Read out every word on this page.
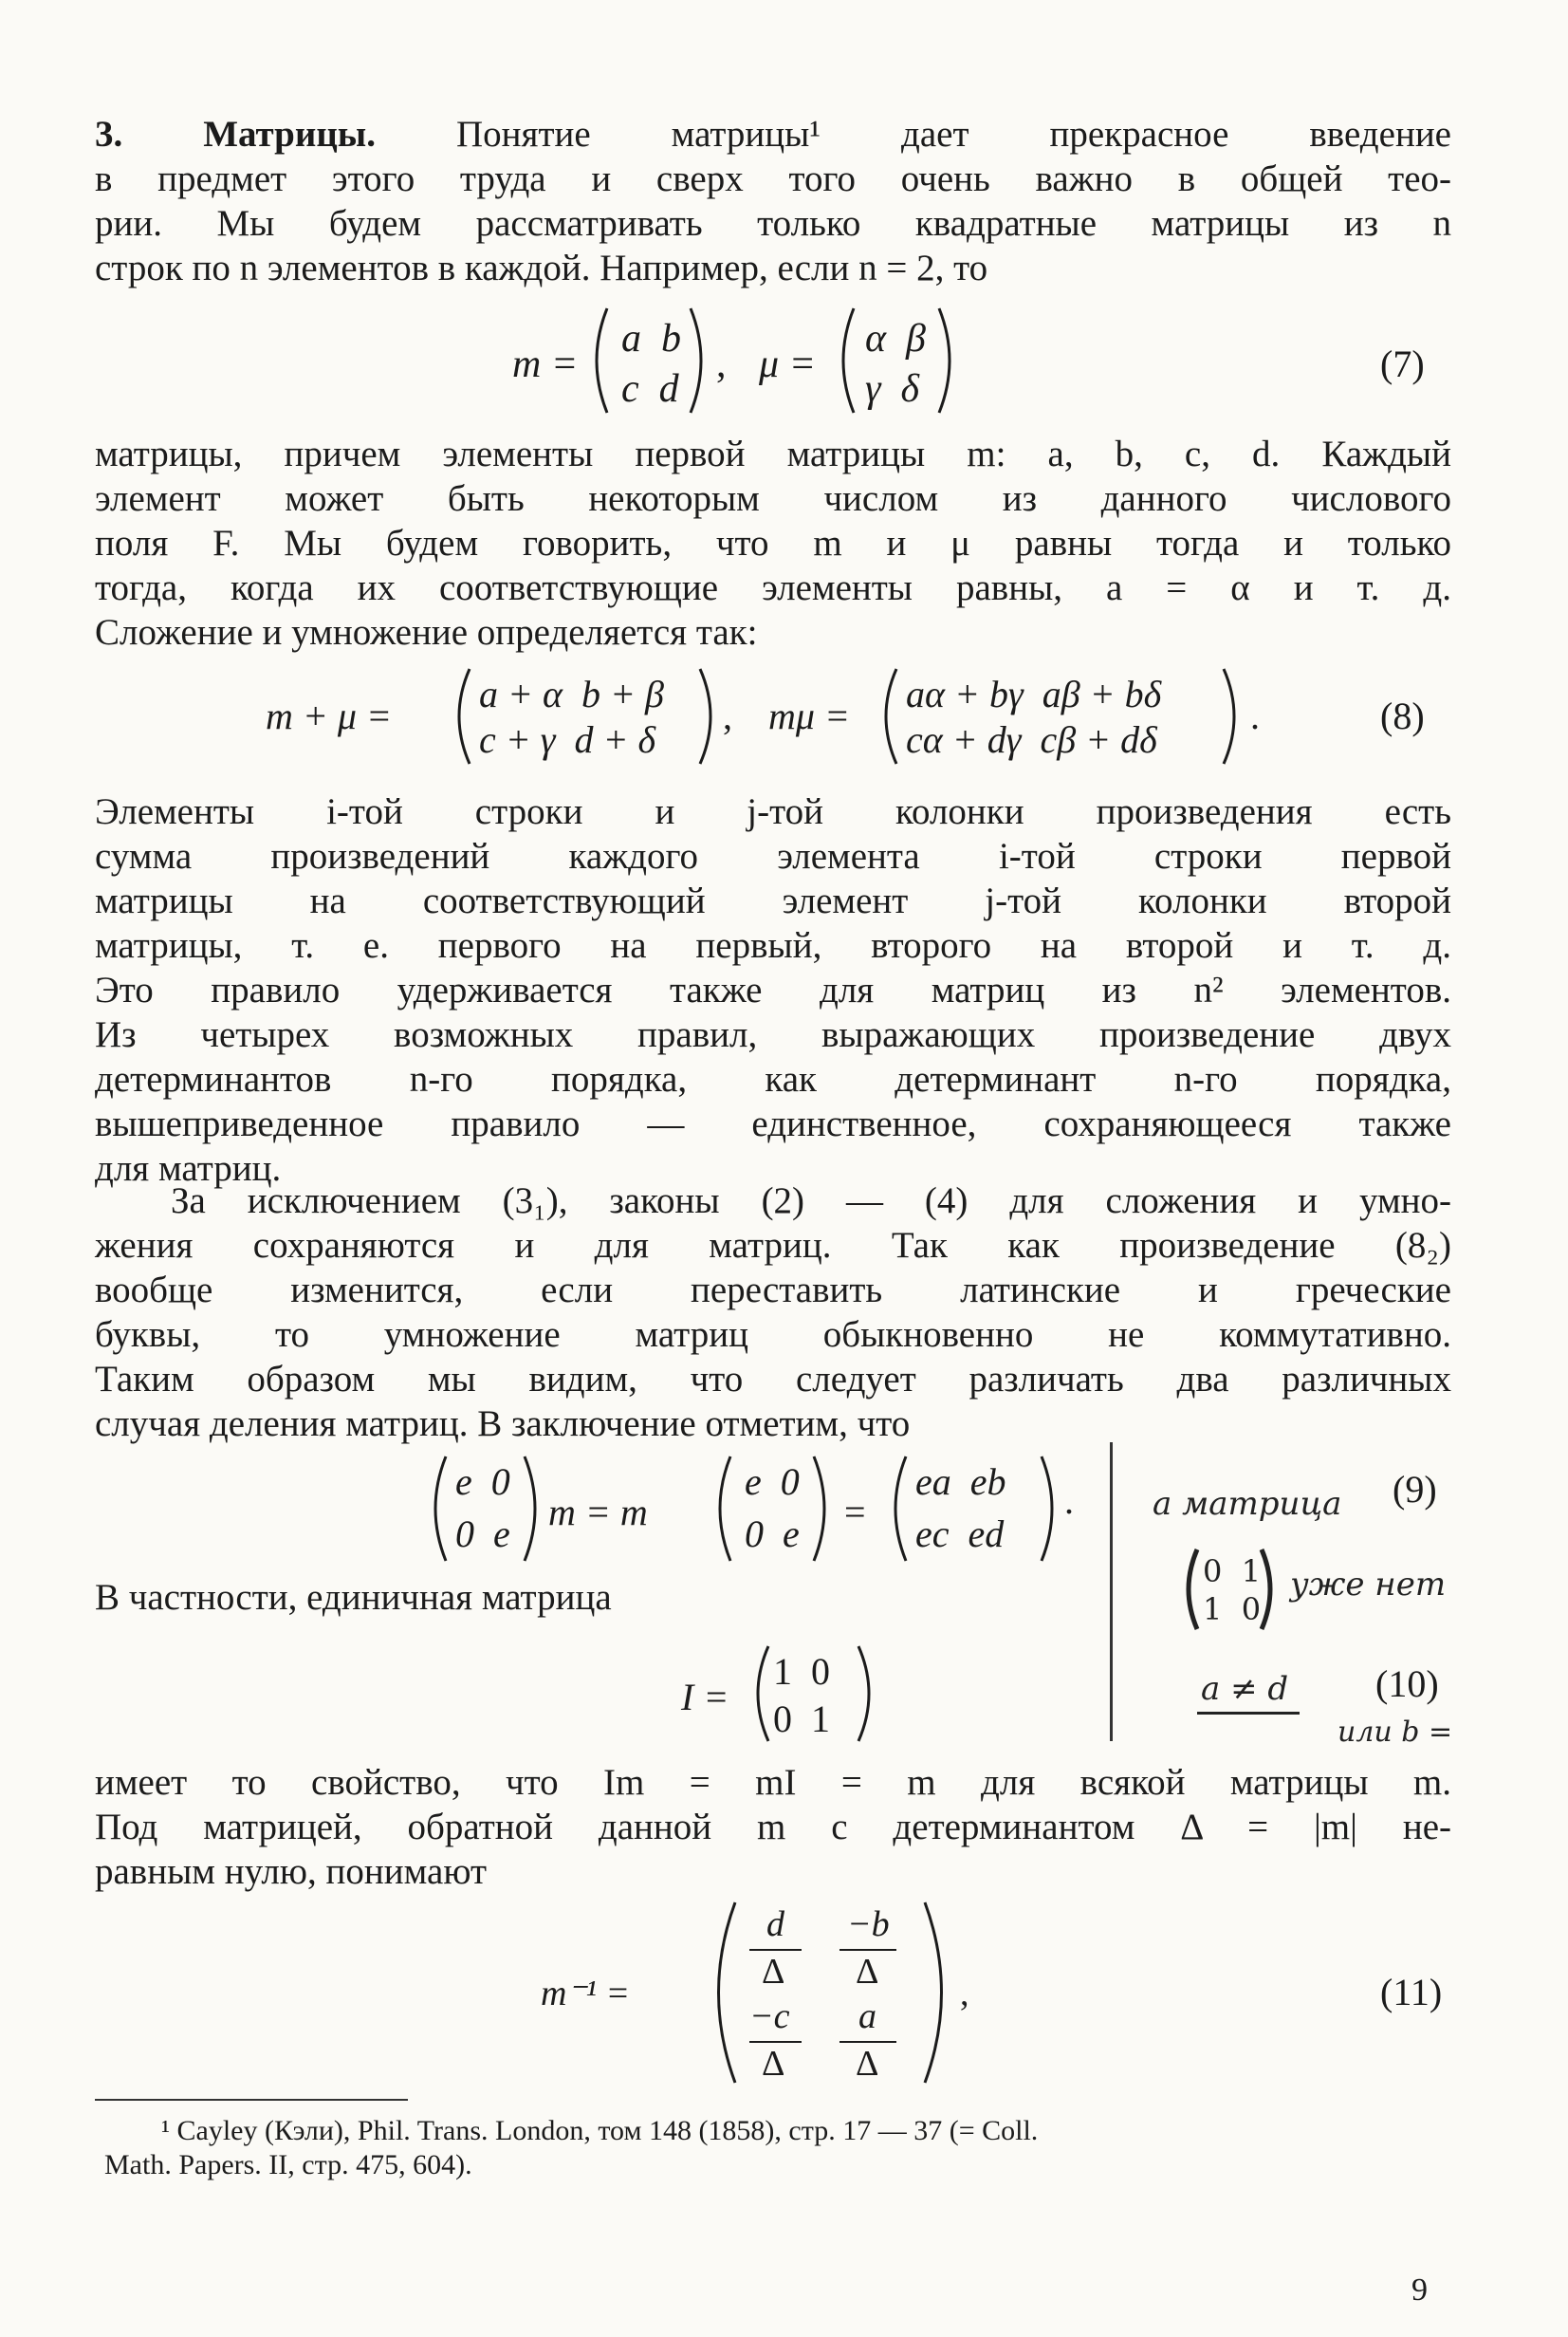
3. Матрицы. Понятие матрицы¹ дает прекрасное введение
в предмет этого труда и сверх того очень важно в общей тео-
рии. Мы будем рассматривать только квадратные матрицы из n
строк по n элементов в каждой. Например, если n = 2, то
m =
a  b
c  d
, μ =
α  β
γ  δ
(7)
матрицы, причем элементы первой матрицы m: a, b, c, d. Каждый
элемент может быть некоторым числом из данного числового
поля F. Мы будем говорить, что m и μ равны тогда и только
тогда, когда их соответствующие элементы равны, a = α и т. д.
Сложение и умножение определяется так:
m + μ =
a + α  b + β
c + γ  d + δ
, mμ =
aα + bγ  aβ + bδ
cα + dγ  cβ + dδ
.	(8)
Элементы i-той строки и j-той колонки произведения есть
сумма произведений каждого элемента i-той строки первой
матрицы на соответствующий элемент j-той колонки второй
матрицы, т. е. первого на первый, второго на второй и т. д.
Это правило удерживается также для матриц из n² элементов.
Из четырех возможных правил, выражающих произведение двух
детерминантов n-го порядка, как детерминант n-го порядка,
вышеприведенное правило — единственное, сохраняющееся также
для матриц.
За исключением (3₁), законы (2) — (4) для сложения и умно-
жения сохраняются и для матриц. Так как произведение (8₂)
вообще изменится, если переставить латинские и греческие
буквы, то умножение матриц обыкновенно не коммутативно.
Таким образом мы видим, что следует различать два различных
случая деления матриц. В заключение отметим, что
e  0
0  e
m = m
e  0
0  e
=
ea  eb
ec  ed
.	(9)
В частности, единичная матрица
I =
1  0
0  1
(10)
a матрица
0  1
1  0
уже нет
a ≠ d
или b =
имеет то свойство, что Im = mI = m для всякой матрицы m.
Под матрицей, обратной данной m с детерминантом Δ = |m| не-
равным нулю, понимают
m⁻¹ =
d
Δ
−b
Δ
−c
Δ
a
Δ
,	(11)
¹ Cayley (Кэли), Phil. Trans. London, том 148 (1858), стр. 17 — 37 (= Coll.
Math. Papers. II, стр. 475, 604).
9
